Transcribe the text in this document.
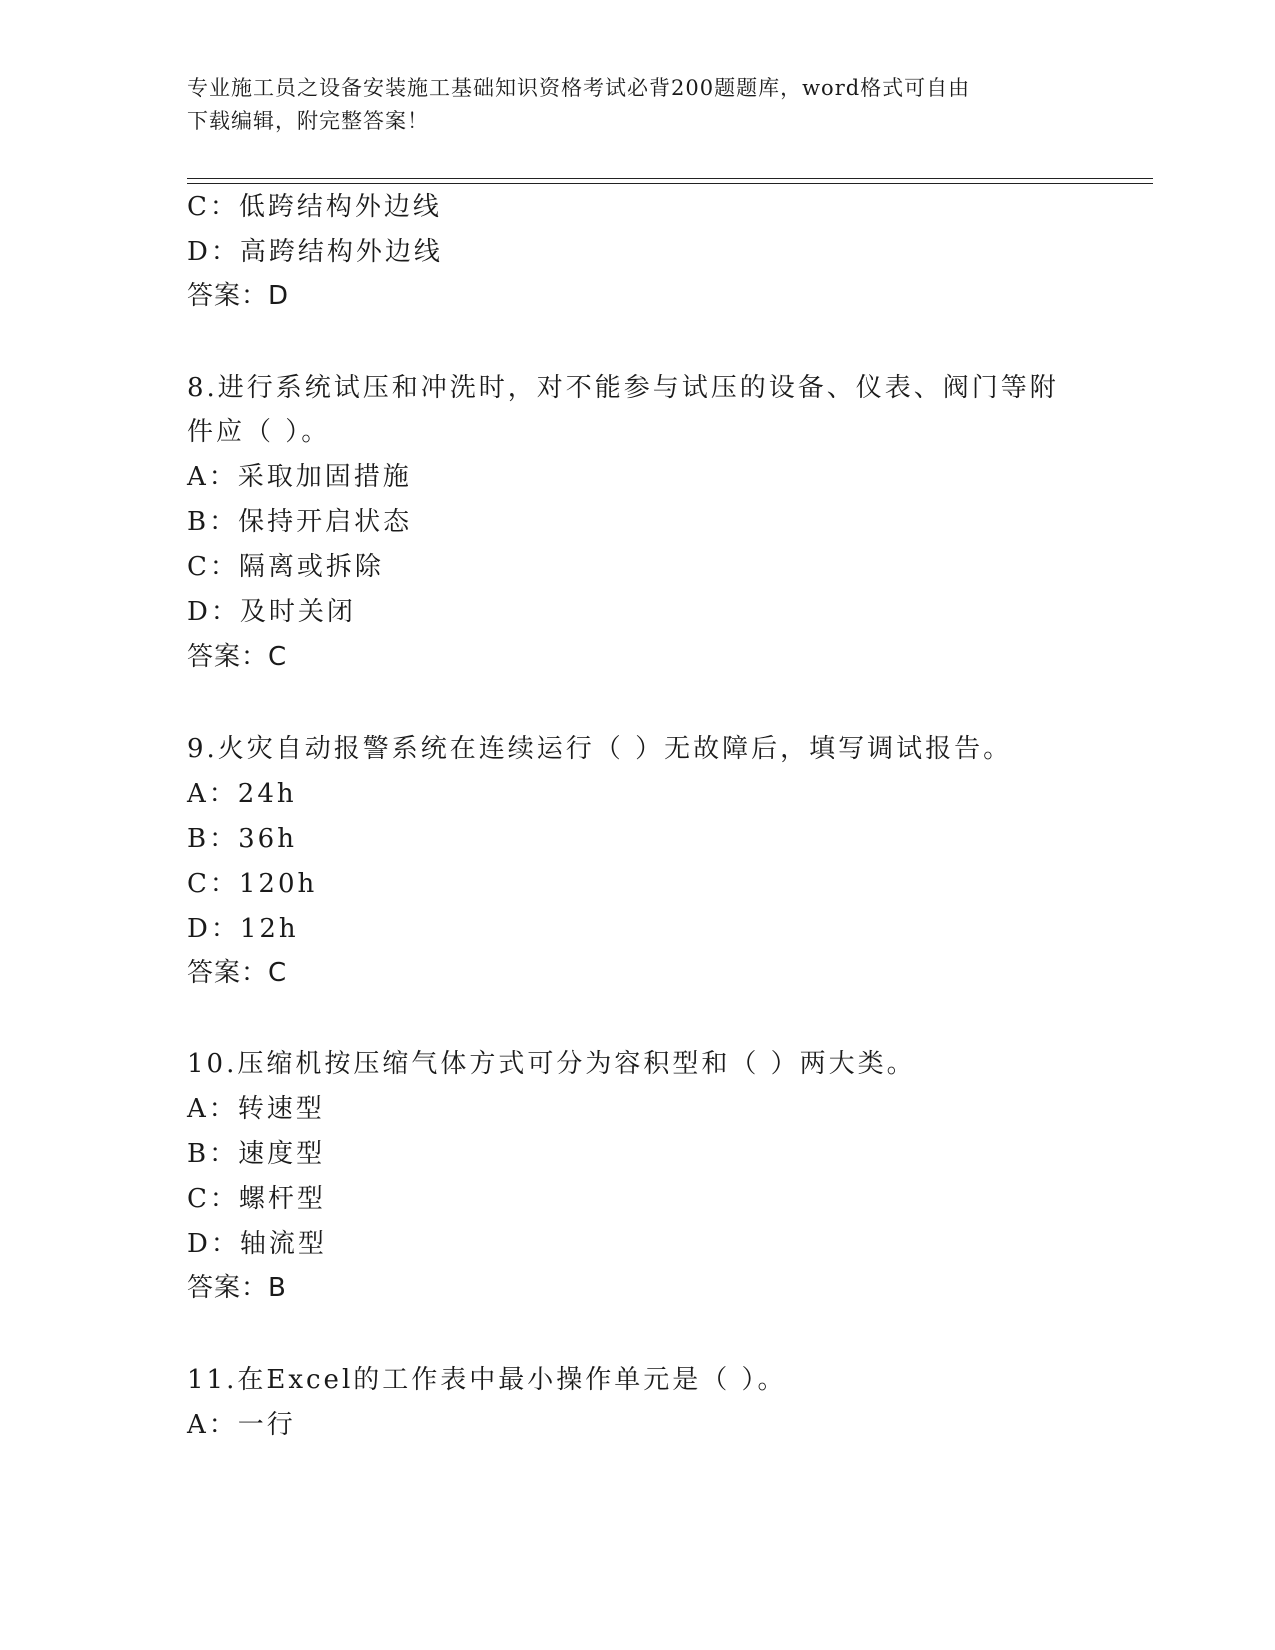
专业施工员之设备安装施工基础知识资格考试必背200题题库，word格式可自由
下载编辑，附完整答案！
C：低跨结构外边线
D：高跨结构外边线
答案：D
8.进行系统试压和冲洗时，对不能参与试压的设备、仪表、阀门等附
件应（ ）。
A：采取加固措施
B：保持开启状态
C：隔离或拆除
D：及时关闭
答案：C
9.火灾自动报警系统在连续运行（ ）无故障后，填写调试报告。
A：24h
B：36h
C：120h
D：12h
答案：C
10.压缩机按压缩气体方式可分为容积型和（ ）两大类。
A：转速型
B：速度型
C：螺杆型
D：轴流型
答案：B
11.在Excel的工作表中最小操作单元是（ ）。
A：一行
